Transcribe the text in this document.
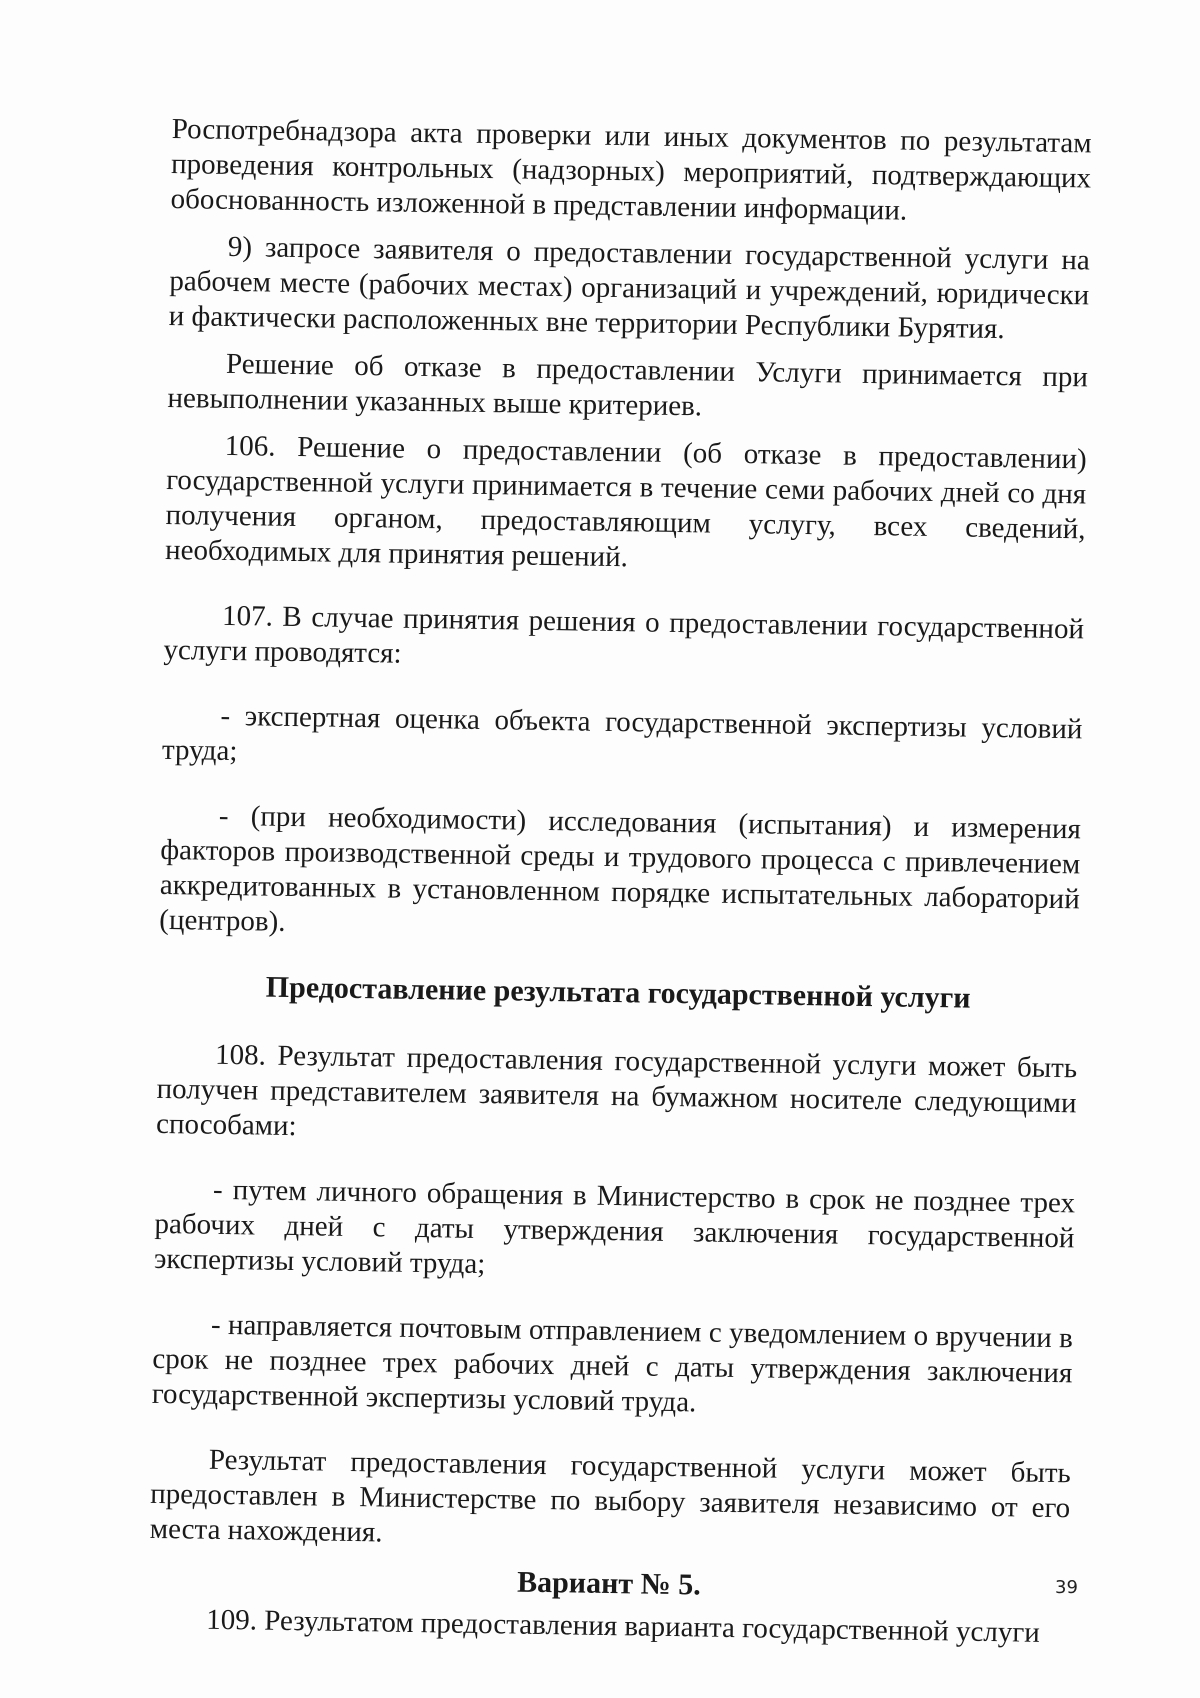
Роспотребнадзора акта проверки или иных документов по результатам проведения контрольных (надзорных) мероприятий, подтверждающих обоснованность изложенной в представлении информации.

9) запросе заявителя о предоставлении государственной услуги на рабочем месте (рабочих местах) организаций и учреждений, юридически и фактически расположенных вне территории Республики Бурятия.

Решение об отказе в предоставлении Услуги принимается при невыполнении указанных выше критериев.

106. Решение о предоставлении (об отказе в предоставлении) государственной услуги принимается в течение семи рабочих дней со дня получения органом, предоставляющим услугу, всех сведений, необходимых для принятия решений.

107. В случае принятия решения о предоставлении государственной услуги проводятся:

- экспертная оценка объекта государственной экспертизы условий труда;

- (при необходимости) исследования (испытания) и измерения факторов производственной среды и трудового процесса с привлечением аккредитованных в установленном порядке испытательных лабораторий (центров).

Предоставление результата государственной услуги

108. Результат предоставления государственной услуги может быть получен представителем заявителя на бумажном носителе следующими способами:

- путем личного обращения в Министерство в срок не позднее трех рабочих дней с даты утверждения заключения государственной экспертизы условий труда;

- направляется почтовым отправлением с уведомлением о вручении в срок не позднее трех рабочих дней с даты утверждения заключения государственной экспертизы условий труда.

Результат предоставления государственной услуги может быть предоставлен в Министерстве по выбору заявителя независимо от его места нахождения.

Вариант № 5.

109. Результатом предоставления варианта государственной услуги

39
